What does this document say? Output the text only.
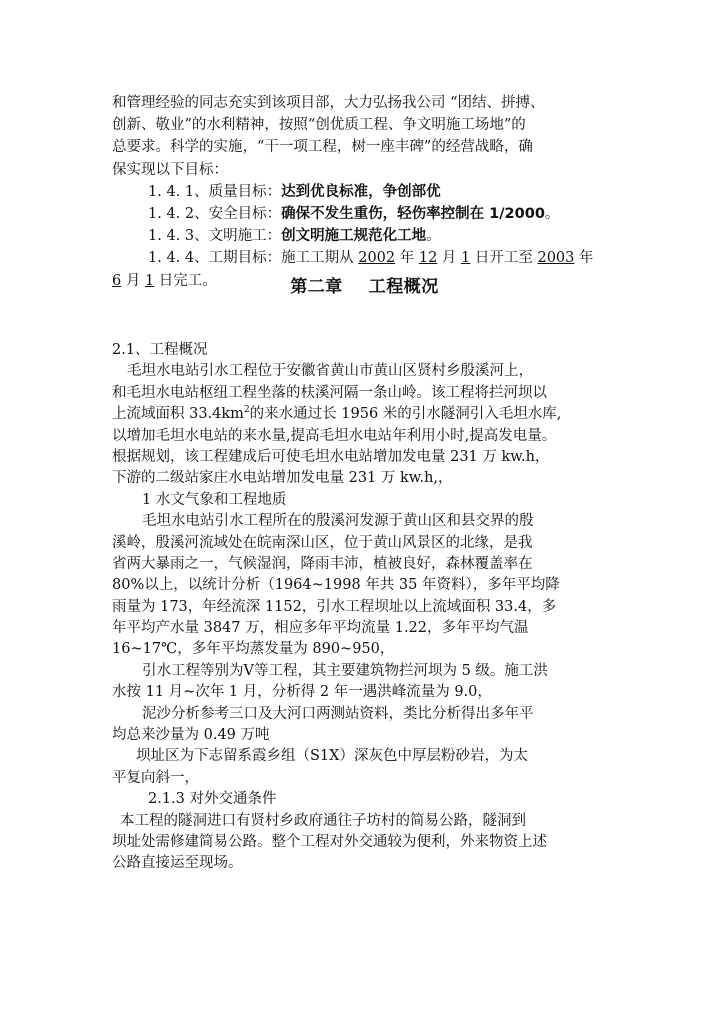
和管理经验的同志充实到该项目部，大力弘扬我公司 “团结、拼搏、
创新、敬业”的水利精神，按照“创优质工程、争文明施工场地”的
总要求。科学的实施，“干一项工程，树一座丰碑”的经营战略，确
保实现以下目标：
1. 4. 1、质量目标：达到优良标准，争创部优
1. 4. 2、安全目标：确保不发生重伤，轻伤率控制在 1/2000。
1. 4. 3、文明施工：创文明施工规范化工地。
1. 4. 4、工期目标：施工工期从 2002 年 12 月 1 日开工至 2003 年
6 月 1 日完工。	第二章 工程概况
2.1、工程概况
毛坦水电站引水工程位于安徽省黄山市黄山区贤村乡殷溪河上，
和毛坦水电站枢纽工程坐落的枎溪河隔一条山岭。该工程将拦河坝以
上流域面积 $33.4km^2$的来水通过长 1956 米的引水隧洞引入毛坦水库,
以增加毛坦水电站的来水量,提高毛坦水电站年利用小时,提高发电量。
根据规划，该工程建成后可使毛坦水电站增加发电量 231 万 kw.h，
下游的二级站家庄水电站增加发电量 231 万 kw.h,，
1 水文气象和工程地质
毛坦水电站引水工程所在的殷溪河发源于黄山区和县交界的殷
溪岭，殷溪河流域处在皖南深山区，位于黄山风景区的北缘，是我
省两大暴雨之一，气候湿润，降雨丰沛，植被良好，森林覆盖率在
80%以上，以统计分析（1964~1998 年共 35 年资料），多年平均降
雨量为 173，年经流深 1152，引水工程坝址以上流域面积 33.4，多
年平均产水量 3847 万，相应多年平均流量 1.22，多年平均气温
16~17℃，多年平均蒸发量为 890~950，
引水工程等别为Ⅴ等工程，其主要建筑物拦河坝为 5 级。施工洪
水按 11 月~次年 1 月，分析得 2 年一遇洪峰流量为 9.0，
泥沙分析参考三口及大河口两测站资料，类比分析得出多年平
均总来沙量为 0.49 万吨
坝址区为下志留系霞乡组（S1X）深灰色中厚层粉砂岩，为太
平复向斜一，
2.1.3 对外交通条件
本工程的隧洞进口有贤村乡政府通往子坊村的简易公路，隧洞到
坝址处需修建简易公路。整个工程对外交通较为便利，外来物资上述
公路直接运至现场。
